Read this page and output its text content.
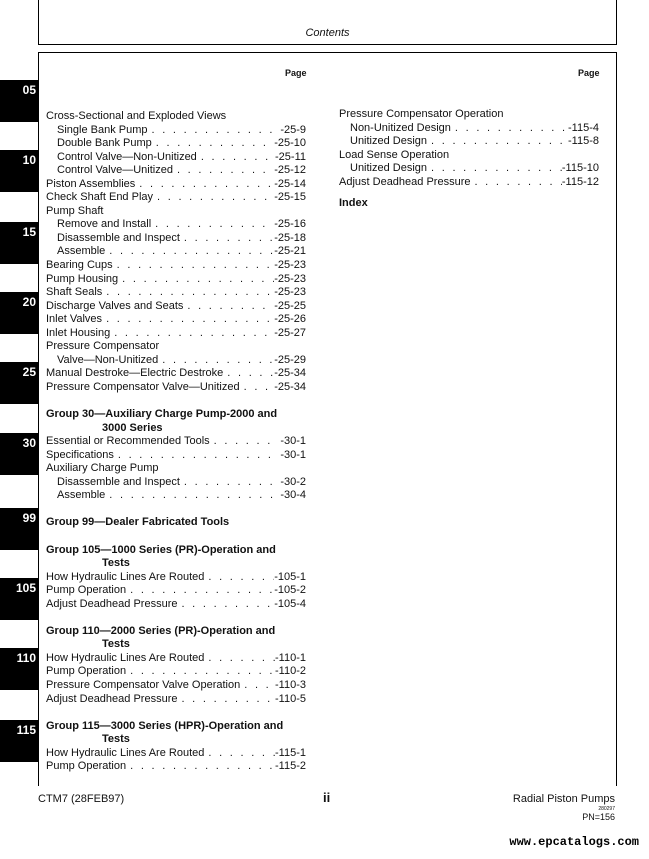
Contents
05
10
15
20
25
30
99
105
110
115
Page	Page
Cross-Sectional and Exploded Views
Single Bank Pump . . .	-25-9
Double Bank Pump . . .	-25-10
Control Valve—Non-Unitized . . .	-25-11
Control Valve—Unitized . . .	-25-12
Piston Assemblies . . .	-25-14
Check Shaft End Play . . .	-25-15
Pump Shaft
Remove and Install . . .	-25-16
Disassemble and Inspect . . .	-25-18
Assemble . . .	-25-21
Bearing Cups . . .	-25-23
Pump Housing . . .	-25-23
Shaft Seals . . .	-25-23
Discharge Valves and Seats . . .	-25-25
Inlet Valves . . .	-25-26
Inlet Housing . . .	-25-27
Pressure Compensator
Valve—Non-Unitized . . .	-25-29
Manual Destroke—Electric Destroke . . .	-25-34
Pressure Compensator Valve—Unitized . . .	-25-34
Group 30—Auxiliary Charge Pump-2000 and
3000 Series
Essential or Recommended Tools . . .	-30-1
Specifications . . .	-30-1
Auxiliary Charge Pump
Disassemble and Inspect . . .	-30-2
Assemble . . .	-30-4
Group 99—Dealer Fabricated Tools
Group 105—1000 Series (PR)-Operation and
Tests
How Hydraulic Lines Are Routed . . .	-105-1
Pump Operation . . .	-105-2
Adjust Deadhead Pressure . . .	-105-4
Group 110—2000 Series (PR)-Operation and
Tests
How Hydraulic Lines Are Routed . . .	-110-1
Pump Operation . . .	-110-2
Pressure Compensator Valve Operation . . .	-110-3
Adjust Deadhead Pressure . . .	-110-5
Group 115—3000 Series (HPR)-Operation and
Tests
How Hydraulic Lines Are Routed . . .	-115-1
Pump Operation . . .	-115-2
Pressure Compensator Operation
Non-Unitized Design . . .	-115-4
Unitized Design . . .	-115-8
Load Sense Operation
Unitized Design . . .	-115-10
Adjust Deadhead Pressure . . .	-115-12
Index
CTM7 (28FEB97)	ii	Radial Piston Pumps
280297
PN=156
www.epcatalogs.com
